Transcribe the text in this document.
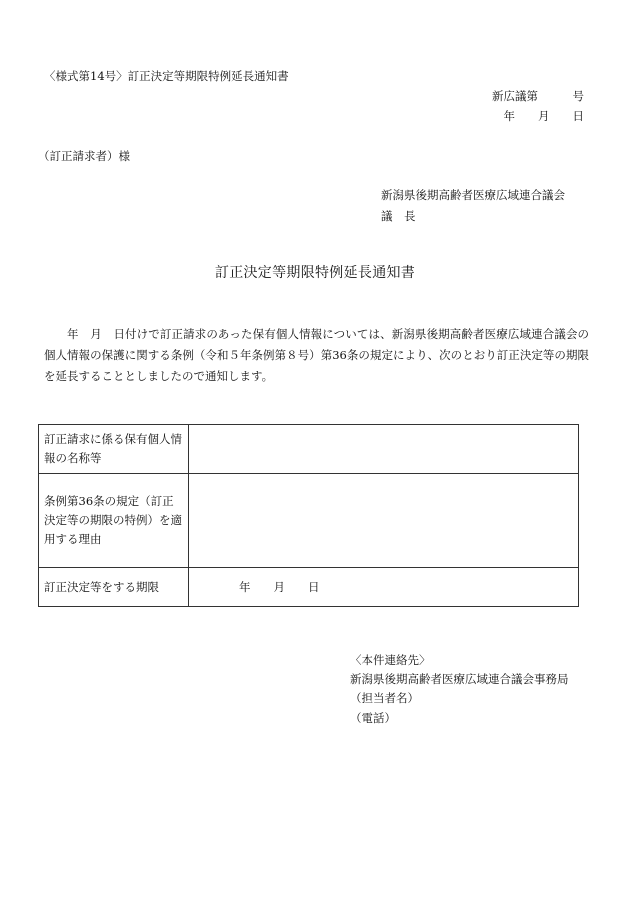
〈様式第14号〉訂正決定等期限特例延長通知書
新広議第　　　号
年　　月　　日
（訂正請求者）様
新潟県後期高齢者医療広域連合議会
議　長
訂正決定等期限特例延長通知書
年　月　日付けで訂正請求のあった保有個人情報については、新潟県後期高齢者医療広域連合議会の個人情報の保護に関する条例（令和５年条例第８号）第36条の規定により、次のとおり訂正決定等の期限を延長することとしましたので通知します。
訂正請求に係る保有個人情報の名称等	
条例第36条の規定（訂正決定等の期限の特例）を適用する理由	
訂正決定等をする期限	年　　月　　日
〈本件連絡先〉
新潟県後期高齢者医療広域連合議会事務局
（担当者名）
（電話）
